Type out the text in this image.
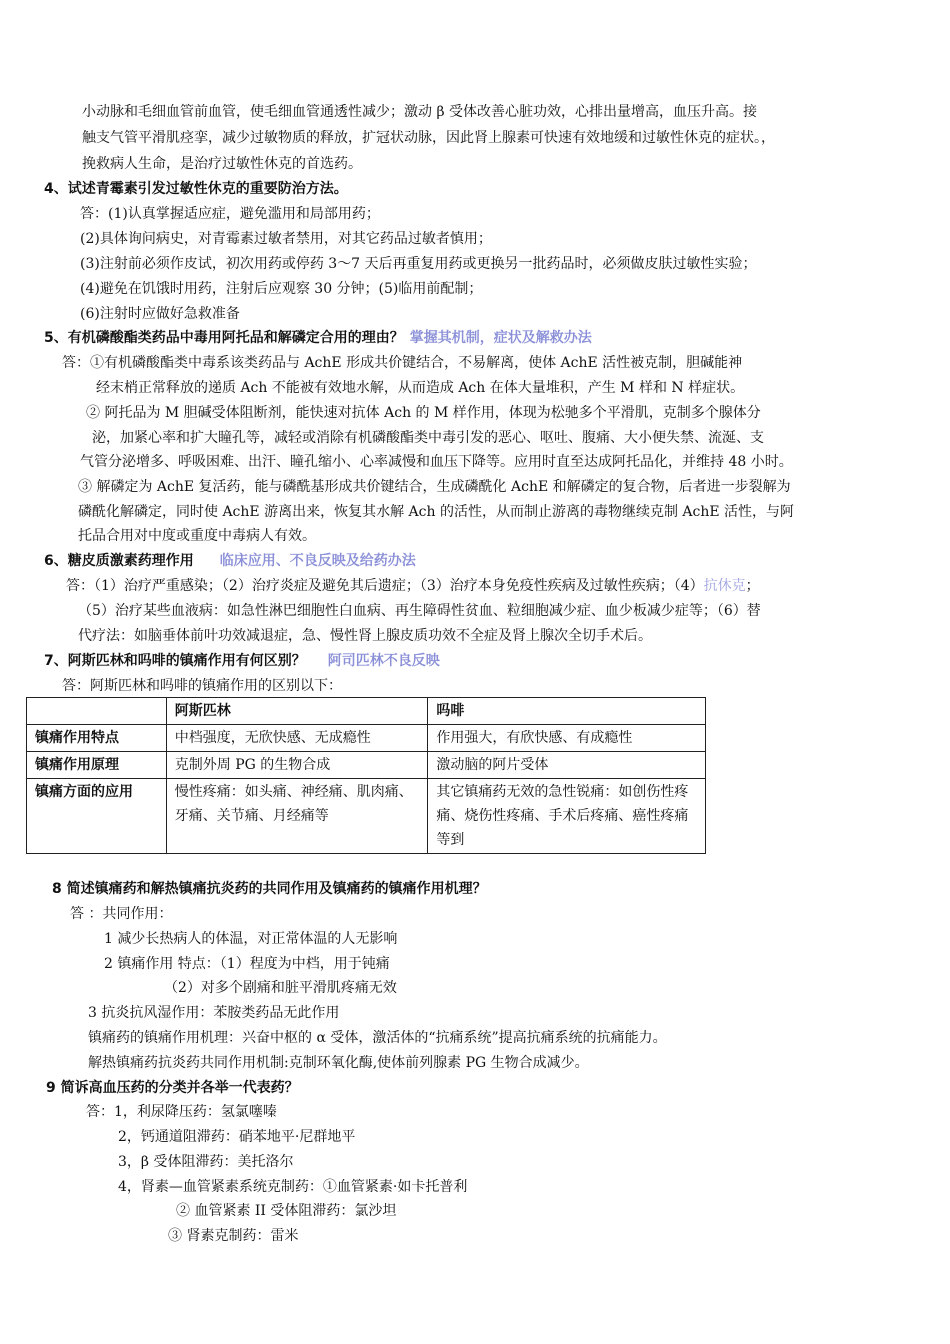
小动脉和毛细血管前血管，使毛细血管通透性减少；激动 β 受体改善心脏功效，心排出量增高，血压升高。接
触支气管平滑肌痉挛，减少过敏物质的释放，扩冠状动脉，因此肾上腺素可快速有效地缓和过敏性休克的症状。，
挽救病人生命，是治疗过敏性休克的首选药。
4、试述青霉素引发过敏性休克的重要防治方法。
答：(1)认真掌握适应症，避免滥用和局部用药；
(2)具体询问病史，对青霉素过敏者禁用，对其它药品过敏者慎用；
(3)注射前必须作皮试，初次用药或停药 3～7 天后再重复用药或更换另一批药品时，必须做皮肤过敏性实验；
(4)避免在饥饿时用药，注射后应观察 30 分钟；(5)临用前配制；
(6)注射时应做好急救准备
5、有机磷酸酯类药品中毒用阿托品和解磷定合用的理由？ 掌握其机制，症状及解救办法
答：①有机磷酸酯类中毒系该类药品与 AchE 形成共价键结合，不易解离，使体 AchE 活性被克制，胆碱能神
经末梢正常释放的递质 Ach 不能被有效地水解，从而造成 Ach 在体大量堆积，产生 M 样和 N 样症状。
② 阿托品为 M 胆碱受体阻断剂，能快速对抗体 Ach 的 M 样作用，体现为松驰多个平滑肌，克制多个腺体分
泌，加紧心率和扩大瞳孔等，减轻或消除有机磷酸酯类中毒引发的恶心、呕吐、腹痛、大小便失禁、流涎、支
气管分泌增多、呼吸困难、出汗、瞳孔缩小、心率减慢和血压下降等。应用时直至达成阿托品化，并维持 48 小时。
③ 解磷定为 AchE 复活药，能与磷酰基形成共价键结合，生成磷酰化 AchE 和解磷定的复合物，后者进一步裂解为
磷酰化解磷定，同时使 AchE 游离出来，恢复其水解 Ach 的活性，从而制止游离的毒物继续克制 AchE 活性，与阿
托品合用对中度或重度中毒病人有效。
6、糖皮质激素药理作用 临床应用、不良反映及给药办法
答：（1）治疗严重感染；（2）治疗炎症及避免其后遗症；（3）治疗本身免疫性疾病及过敏性疾病；（4）抗休克；
（5）治疗某些血液病：如急性淋巴细胞性白血病、再生障碍性贫血、粒细胞减少症、血少板减少症等；（6）替
代疗法：如脑垂体前叶功效减退症，急、慢性肾上腺皮质功效不全症及肾上腺次全切手术后。
7、阿斯匹林和吗啡的镇痛作用有何区别？ 阿司匹林不良反映
答：阿斯匹林和吗啡的镇痛作用的区别以下：
	阿斯匹林	吗啡
镇痛作用特点	中档强度，无欣快感、无成瘾性	作用强大，有欣快感、有成瘾性
镇痛作用原理	克制外周 PG 的生物合成	激动脑的阿片受体
镇痛方面的应用	慢性疼痛：如头痛、神经痛、肌肉痛、牙痛、关节痛、月经痛等	其它镇痛药无效的急性锐痛：如创伤性疼痛、烧伤性疼痛、手术后疼痛、癌性疼痛等到
8 简述镇痛药和解热镇痛抗炎药的共同作用及镇痛药的镇痛作用机理？
答 ：共同作用：
1 减少长热病人的体温，对正常体温的人无影响
2 镇痛作用 特点：（1）程度为中档，用于钝痛
（2）对多个剧痛和脏平滑肌疼痛无效
3 抗炎抗风湿作用：苯胺类药品无此作用
镇痛药的镇痛作用机理：兴奋中枢的 α 受体，激活体的“抗痛系统”提高抗痛系统的抗痛能力。
解热镇痛药抗炎药共同作用机制:克制环氧化酶,使体前列腺素 PG 生物合成减少。
9 简诉高血压药的分类并各举一代表药？
答：1，利尿降压药：氢氯噻嗪
2，钙通道阻滞药：硝苯地平·尼群地平
3，β 受体阻滞药：美托洛尔
4，肾素—血管紧素系统克制药：①血管紧素·如卡托普利
② 血管紧素 II 受体阻滞药：氯沙坦
③ 肾素克制药：雷米
